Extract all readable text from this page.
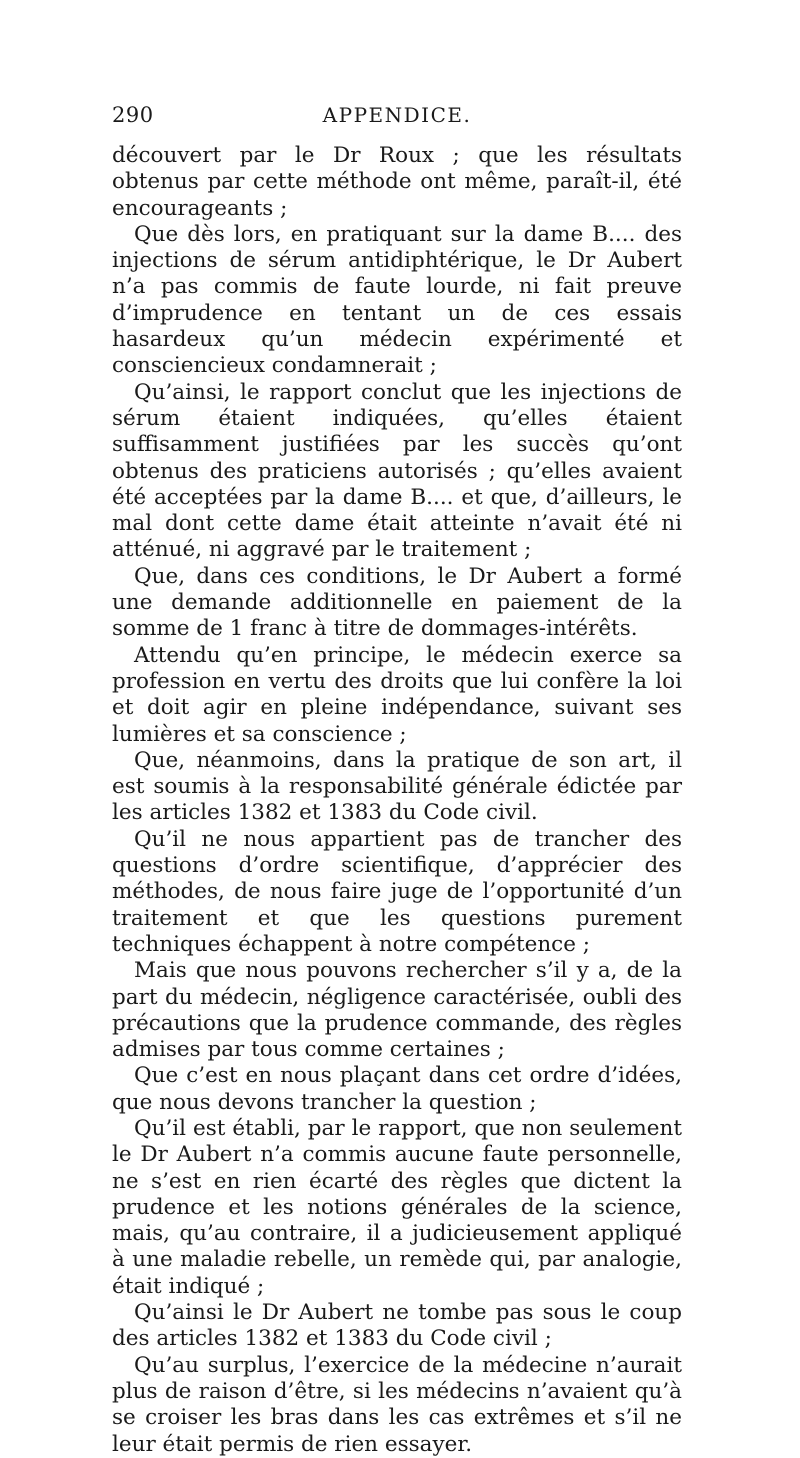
290	APPENDICE.

découvert par le Dr Roux ; que les résultats obtenus par cette méthode ont même, paraît-il, été encourageants ;

Que dès lors, en pratiquant sur la dame B.... des injections de sérum antidiphtérique, le Dr Aubert n’a pas commis de faute lourde, ni fait preuve d’imprudence en tentant un de ces essais hasardeux qu’un médecin expérimenté et consciencieux condamnerait ;

Qu’ainsi, le rapport conclut que les injections de sérum étaient indiquées, qu’elles étaient suffisamment justifiées par les succès qu’ont obtenus des praticiens autorisés ; qu’elles avaient été acceptées par la dame B.... et que, d’ailleurs, le mal dont cette dame était atteinte n’avait été ni atténué, ni aggravé par le traitement ;

Que, dans ces conditions, le Dr Aubert a formé une demande additionnelle en paiement de la somme de 1 franc à titre de dommages-intérêts.

Attendu qu’en principe, le médecin exerce sa profession en vertu des droits que lui confère la loi et doit agir en pleine indépendance, suivant ses lumières et sa conscience ;

Que, néanmoins, dans la pratique de son art, il est soumis à la responsabilité générale édictée par les articles 1382 et 1383 du Code civil.

Qu’il ne nous appartient pas de trancher des questions d’ordre scientifique, d’apprécier des méthodes, de nous faire juge de l’opportunité d’un traitement et que les questions purement techniques échappent à notre compétence ;

Mais que nous pouvons rechercher s’il y a, de la part du médecin, négligence caractérisée, oubli des précautions que la prudence commande, des règles admises par tous comme certaines ;

Que c’est en nous plaçant dans cet ordre d’idées, que nous devons trancher la question ;

Qu’il est établi, par le rapport, que non seulement le Dr Aubert n’a commis aucune faute personnelle, ne s’est en rien écarté des règles que dictent la prudence et les notions générales de la science, mais, qu’au contraire, il a judicieusement appliqué à une maladie rebelle, un remède qui, par analogie, était indiqué ;

Qu’ainsi le Dr Aubert ne tombe pas sous le coup des articles 1382 et 1383 du Code civil ;

Qu’au surplus, l’exercice de la médecine n’aurait plus de raison d’être, si les médecins n’avaient qu’à se croiser les bras dans les cas extrêmes et s’il ne leur était permis de rien essayer.
